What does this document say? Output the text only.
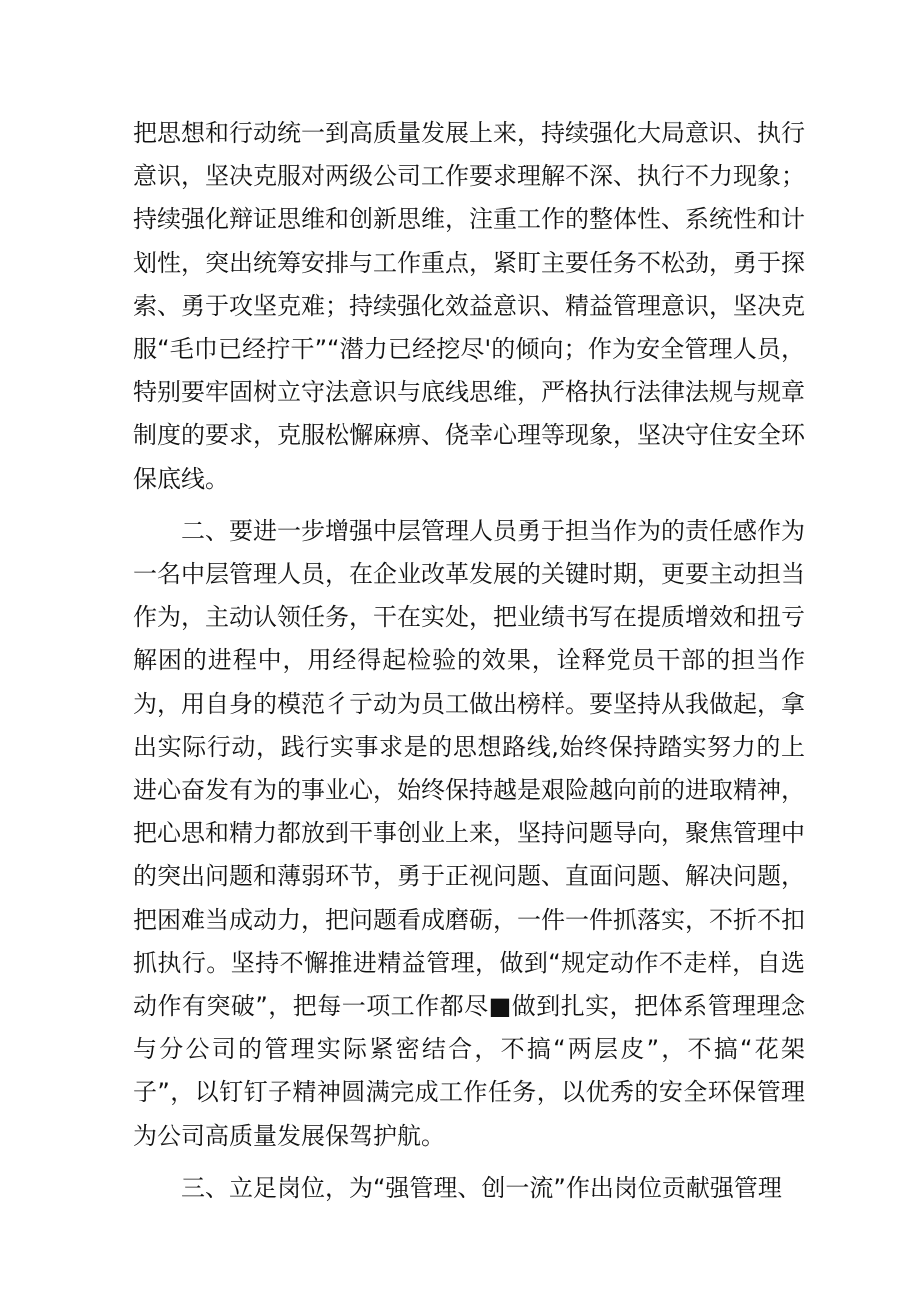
把思想和行动统一到高质量发展上来，持续强化大局意识、执行意识，坚决克服对两级公司工作要求理解不深、执行不力现象；持续强化辩证思维和创新思维，注重工作的整体性、系统性和计划性，突出统筹安排与工作重点，紧盯主要任务不松劲，勇于探索、勇于攻坚克难；持续强化效益意识、精益管理意识，坚决克服“毛巾已经拧干”“潜力已经挖尽'的倾向；作为安全管理人员，特别要牢固树立守法意识与底线思维，严格执行法律法规与规章制度的要求，克服松懈麻痹、侥幸心理等现象，坚决守住安全环保底线。

二、要进一步增强中层管理人员勇于担当作为的责任感作为一名中层管理人员，在企业改革发展的关键时期，更要主动担当作为，主动认领任务，干在实处，把业绩书写在提质增效和扭亏解困的进程中，用经得起检验的效果，诠释党员干部的担当作为，用自身的模范彳亍动为员工做出榜样。要坚持从我做起，拿出实际行动，践行实事求是的思想路线,始终保持踏实努力的上进心奋发有为的事业心，始终保持越是艰险越向前的进取精神，把心思和精力都放到干事创业上来，坚持问题导向，聚焦管理中的突出问题和薄弱环节，勇于正视问题、直面问题、解决问题，把困难当成动力，把问题看成磨砺，一件一件抓落实，不折不扣抓执行。坚持不懈推进精益管理，做到“规定动作不走样，自选动作有突破”，把每一项工作都尽■做到扎实，把体系管理理念与分公司的管理实际紧密结合，不搞“两层皮”，不搞“花架子”，以钉钉子精神圆满完成工作任务，以优秀的安全环保管理为公司高质量发展保驾护航。

三、立足岗位，为“强管理、创一流”作出岗位贡献强管理
